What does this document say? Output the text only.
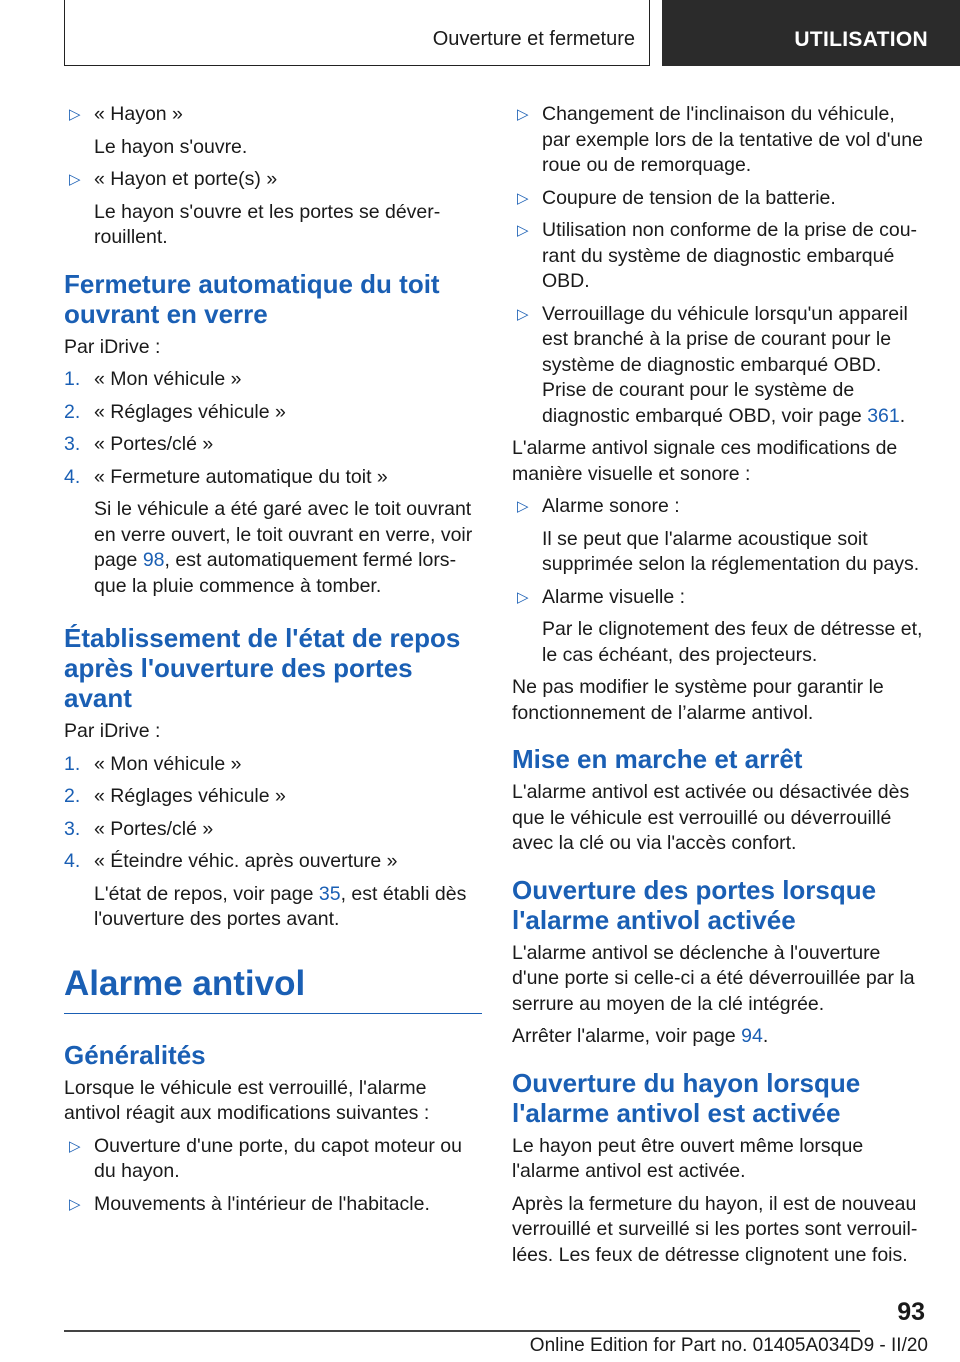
Ouverture et fermeture	UTILISATION
▷ « Hayon »
Le hayon s'ouvre.
▷ « Hayon et porte(s) »
Le hayon s'ouvre et les portes se déverrouillent.
Fermeture automatique du toit ouvrant en verre
Par iDrive :
1. « Mon véhicule »
2. « Réglages véhicule »
3. « Portes/clé »
4. « Fermeture automatique du toit »
Si le véhicule a été garé avec le toit ouvrant en verre ouvert, le toit ouvrant en verre, voir page 98, est automatiquement fermé lorsque la pluie commence à tomber.
Établissement de l'état de repos après l'ouverture des portes avant
Par iDrive :
1. « Mon véhicule »
2. « Réglages véhicule »
3. « Portes/clé »
4. « Éteindre véhic. après ouverture »
L'état de repos, voir page 35, est établi dès l'ouverture des portes avant.
Alarme antivol
Généralités
Lorsque le véhicule est verrouillé, l'alarme antivol réagit aux modifications suivantes :
▷ Ouverture d'une porte, du capot moteur ou du hayon.
▷ Mouvements à l'intérieur de l'habitacle.
▷ Changement de l'inclinaison du véhicule, par exemple lors de la tentative de vol d'une roue ou de remorquage.
▷ Coupure de tension de la batterie.
▷ Utilisation non conforme de la prise de courant du système de diagnostic embarqué OBD.
▷ Verrouillage du véhicule lorsqu'un appareil est branché à la prise de courant pour le système de diagnostic embarqué OBD. Prise de courant pour le système de diagnostic embarqué OBD, voir page 361.
L'alarme antivol signale ces modifications de manière visuelle et sonore :
▷ Alarme sonore :
Il se peut que l'alarme acoustique soit supprimée selon la réglementation du pays.
▷ Alarme visuelle :
Par le clignotement des feux de détresse et, le cas échéant, des projecteurs.
Ne pas modifier le système pour garantir le fonctionnement de l’alarme antivol.
Mise en marche et arrêt
L'alarme antivol est activée ou désactivée dès que le véhicule est verrouillé ou déverrouillé avec la clé ou via l'accès confort.
Ouverture des portes lorsque l'alarme antivol activée
L'alarme antivol se déclenche à l'ouverture d'une porte si celle-ci a été déverrouillée par la serrure au moyen de la clé intégrée.
Arrêter l'alarme, voir page 94.
Ouverture du hayon lorsque l'alarme antivol est activée
Le hayon peut être ouvert même lorsque l'alarme antivol est activée.
Après la fermeture du hayon, il est de nouveau verrouillé et surveillé si les portes sont verrouillées. Les feux de détresse clignotent une fois.
93
Online Edition for Part no. 01405A034D9 - II/20
